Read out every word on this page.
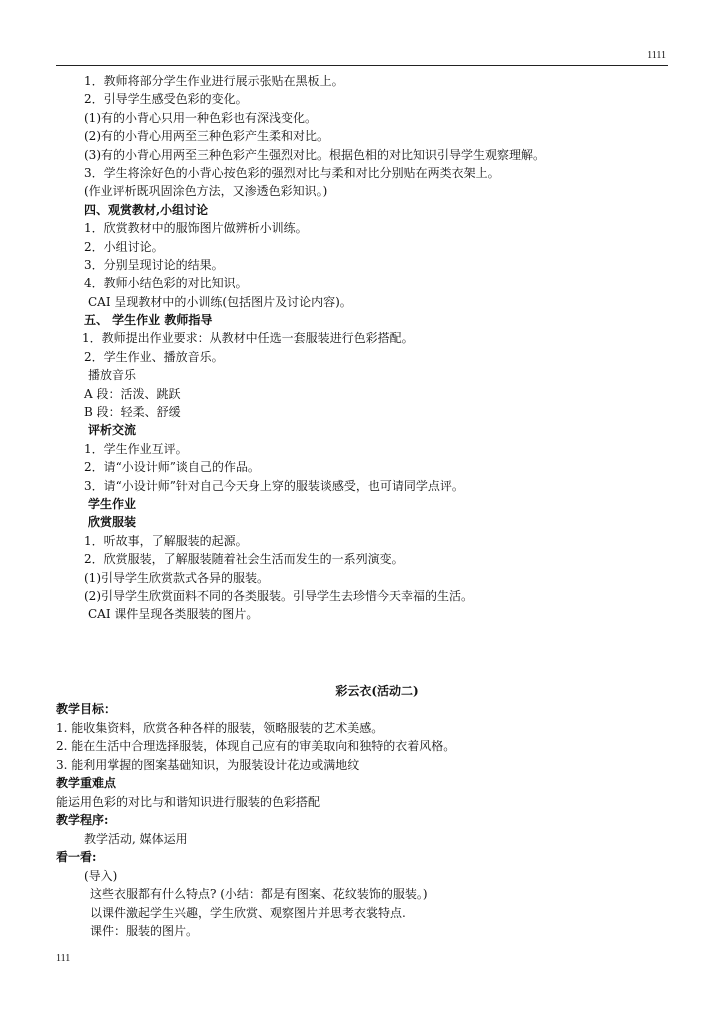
1111
1．教师将部分学生作业进行展示张贴在黑板上。
2．引导学生感受色彩的变化。
(1)有的小背心只用一种色彩也有深浅变化。
(2)有的小背心用两至三种色彩产生柔和对比。
(3)有的小背心用两至三种色彩产生强烈对比。根据色相的对比知识引导学生观察理解。
3．学生将涂好色的小背心按色彩的强烈对比与柔和对比分别贴在两类衣架上。
(作业评析既巩固涂色方法，又渗透色彩知识。)
四、观赏教材,小组讨论
1．欣赏教材中的服饰图片做辨析小训练。
2．小组讨论。
3．分别呈现讨论的结果。
4．教师小结色彩的对比知识。
CAI 呈现教材中的小训练(包括图片及讨论内容)。
五、 学生作业 教师指导
1．教师提出作业要求：从教材中任选一套服装进行色彩搭配。
2．学生作业、播放音乐。
播放音乐
A 段：活泼、跳跃
B 段：轻柔、舒缓
评析交流
1．学生作业互评。
2．请“小设计师”谈自己的作品。
3．请“小设计师”针对自己今天身上穿的服装谈感受，也可请同学点评。
学生作业
欣赏服装
1．听故事，了解服装的起源。
2．欣赏服装，了解服装随着社会生活而发生的一系列演变。
(1)引导学生欣赏款式各异的服装。
(2)引导学生欣赏面料不同的各类服装。引导学生去珍惜今天幸福的生活。
CAI 课件呈现各类服装的图片。
彩云衣(活动二)
教学目标：
1. 能收集资料，欣赏各种各样的服装，领略服装的艺术美感。
2. 能在生活中合理选择服装，体现自己应有的审美取向和独特的衣着风格。
3. 能利用掌握的图案基础知识，为服装设计花边或满地纹
教学重难点
能运用色彩的对比与和谐知识进行服装的色彩搭配
教学程序:
教学活动, 媒体运用
看一看:
(导入)
这些衣服都有什么特点? (小结：都是有图案、花纹装饰的服装。)
以课件激起学生兴趣，学生欣赏、观察图片并思考衣裳特点.
课件：服装的图片。
111
